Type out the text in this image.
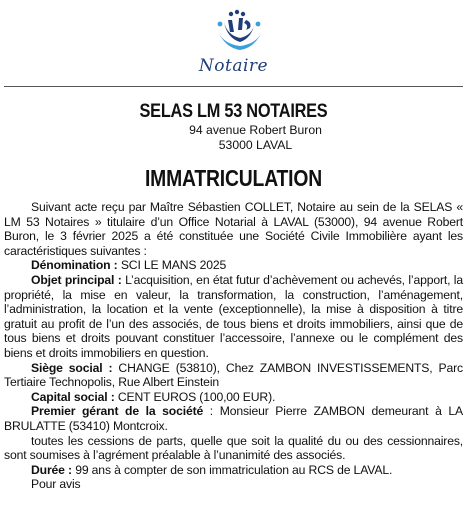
Notaire
SELAS LM 53 NOTAIRES
94 avenue Robert Buron
53000 LAVAL
IMMATRICULATION

Suivant acte reçu par Maître Sébastien COLLET, Notaire au sein de la SELAS « LM 53 Notaires » titulaire d’un Office Notarial à LAVAL (53000), 94 avenue Robert Buron, le 3 février 2025 a été constituée une Société Civile Immobilière ayant les caractéristiques suivantes :

Dénomination : SCI LE MANS 2025

Objet principal : L’acquisition, en état futur d’achèvement ou achevés, l’apport, la propriété, la mise en valeur, la transformation, la construction, l’aménagement, l’administration, la location et la vente (exceptionnelle), la mise à disposition à titre gratuit au profit de l’un des associés, de tous biens et droits immobiliers, ainsi que de tous biens et droits pouvant constituer l’accessoire, l’annexe ou le complément des biens et droits immobiliers en question.

Siège social : CHANGE (53810), Chez ZAMBON INVESTISSEMENTS, Parc Tertiaire Technopolis, Rue Albert Einstein

Capital social : CENT EUROS (100,00 EUR).

Premier gérant de la société : Monsieur Pierre ZAMBON demeurant à LA BRULATTE (53410) Montcroix.

toutes les cessions de parts, quelle que soit la qualité du ou des cessionnaires, sont soumises à l’agrément préalable à l’unanimité des associés.

Durée : 99 ans à compter de son immatriculation au RCS de LAVAL.

Pour avis
